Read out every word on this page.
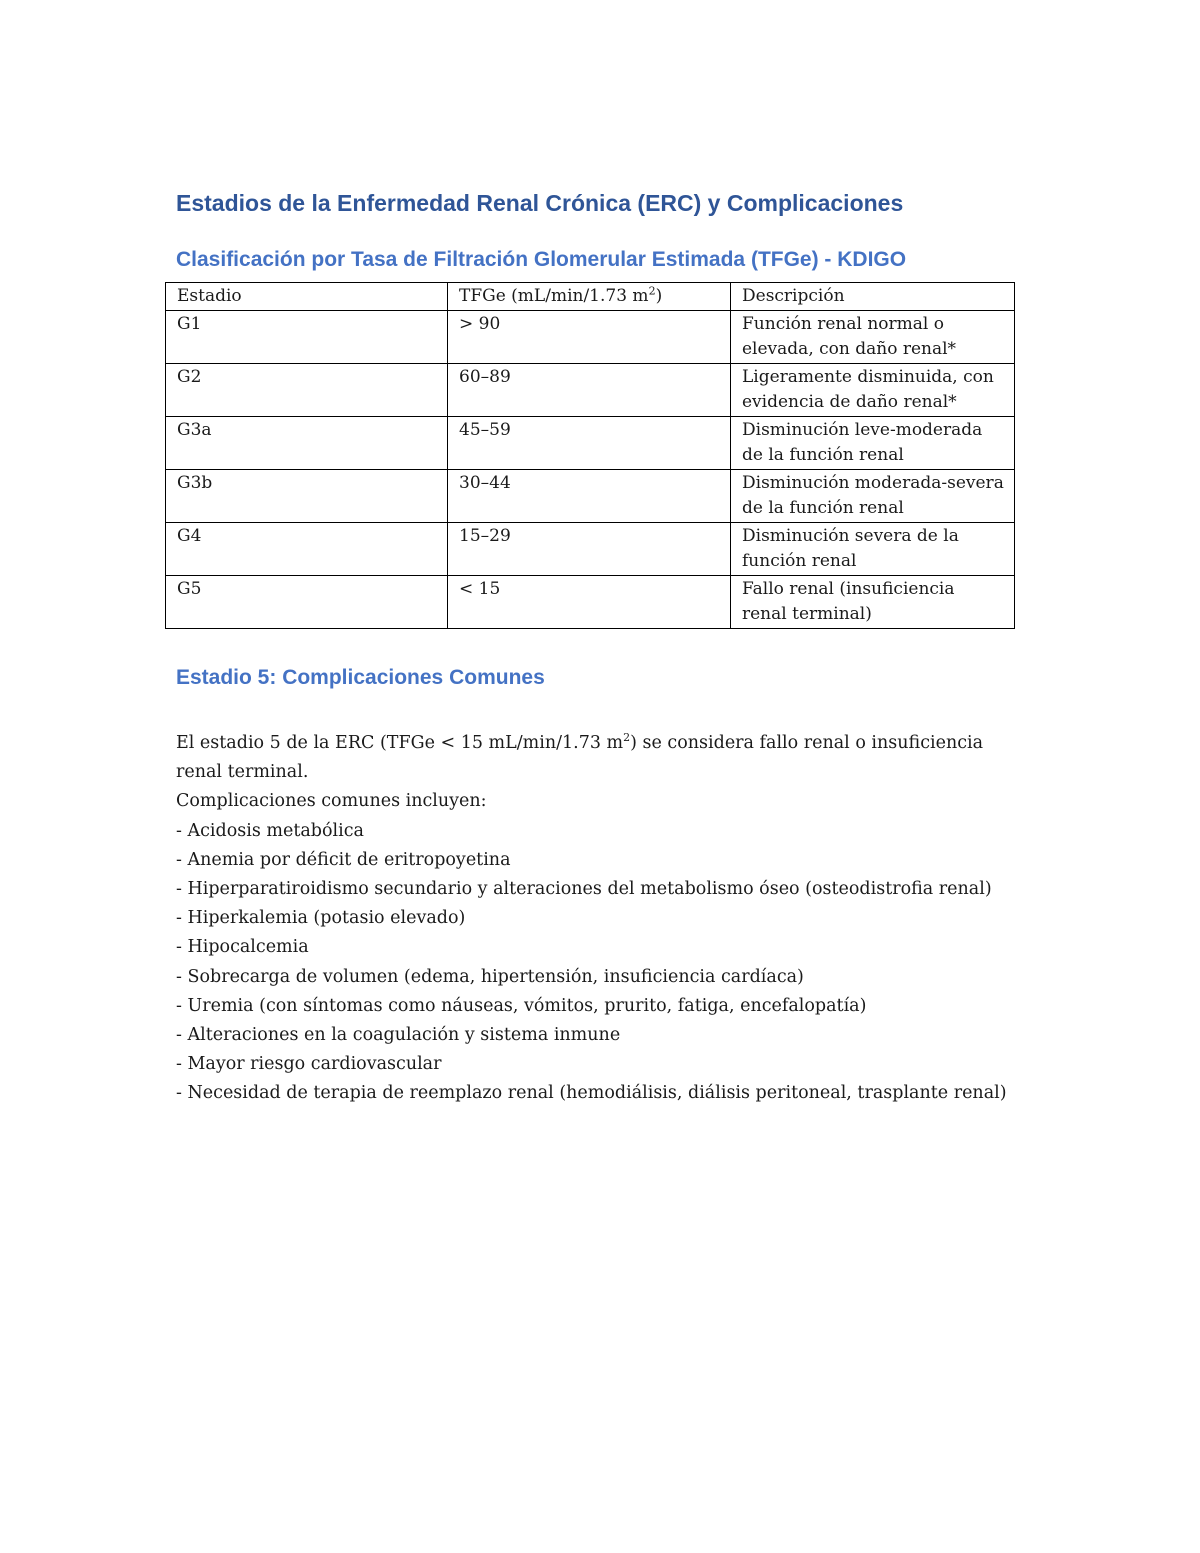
Estadios de la Enfermedad Renal Crónica (ERC) y Complicaciones
Clasificación por Tasa de Filtración Glomerular Estimada (TFGe) - KDIGO
Estadio	TFGe (mL/min/1.73 $m^2$)	Descripción
G1	> 90	Función renal normal o elevada, con daño renal*
G2	60–89	Ligeramente disminuida, con evidencia de daño renal*
G3a	45–59	Disminución leve-moderada de la función renal
G3b	30–44	Disminución moderada-severa de la función renal
G4	15–29	Disminución severa de la función renal
G5	< 15	Fallo renal (insuficiencia renal terminal)
Estadio 5: Complicaciones Comunes

El estadio 5 de la ERC (TFGe < 15 mL/min/1.73 $m^2$) se considera fallo renal o insuficiencia renal terminal.

Complicaciones comunes incluyen:

- Acidosis metabólica
- Anemia por déficit de eritropoyetina
- Hiperparatiroidismo secundario y alteraciones del metabolismo óseo (osteodistrofia renal)
- Hiperkalemia (potasio elevado)
- Hipocalcemia
- Sobrecarga de volumen (edema, hipertensión, insuficiencia cardíaca)
- Uremia (con síntomas como náuseas, vómitos, prurito, fatiga, encefalopatía)
- Alteraciones en la coagulación y sistema inmune
- Mayor riesgo cardiovascular
- Necesidad de terapia de reemplazo renal (hemodiálisis, diálisis peritoneal, trasplante renal)
